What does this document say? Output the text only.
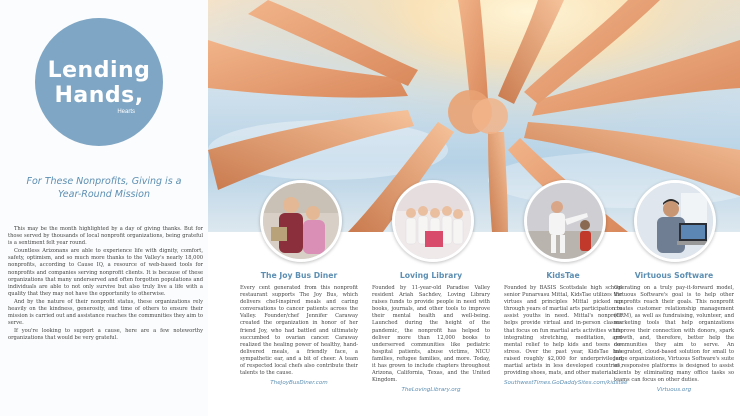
Lending
Hands,
Hearts
For These Nonprofits, Giving is a Year-Round Mission

This may be the month highlighted by a day of giving thanks. But for those served by thousands of local nonprofit organizations, being grateful is a sentiment felt year round.

Countless Arizonans are able to experience life with dignity, comfort, safety, optimism, and so much more thanks to the Valley's nearly 18,000 nonprofits, according to Cause IQ, a resource of web-based tools for nonprofits and companies serving nonprofit clients. It is because of these organizations that many underserved and often forgotten populations and individuals are able to not only survive but also truly live a life with a quality that they may not have the opportunity to otherwise.

And by the nature of their nonprofit status, these organizations rely heavily on the kindness, generosity, and time of others to ensure their mission is carried out and assistance reaches the communities they aim to serve.

If you're looking to support a cause, here are a few noteworthy organizations that would be very grateful.

The Joy Bus Diner
Every cent generated from this nonprofit restaurant supports The Joy Bus, which delivers chef-inspired meals and caring conversations to cancer patients across the Valley. Founder/chef Jennifer Caraway created the organization in honor of her friend Joy, who had battled and ultimately succumbed to ovarian cancer. Caraway realized the healing power of healthy, hand-delivered meals, a friendly face, a sympathetic ear, and a bit of cheer. A team of respected local chefs also contribute their talents to the cause.
TheJoyBusDiner.com
Loving Library
Founded by 11-year-old Paradise Valley resident Ariah Sachdev, Loving Library raises funds to provide people in need with books, journals, and other tools to improve their mental health and well-being. Launched during the height of the pandemic, the nonprofit has helped to deliver more than 12,000 books to underserved communities like pediatric hospital patients, abuse victims, NICU families, refugee families, and more. Today, it has grown to include chapters throughout Arizona, California, Texas, and the United Kingdom.
TheLovingLibrary.org
KidsTae
Founded by BASIS Scottsdale high school senior Punarvasu Mittal, KidsTae utilizes the virtues and principles Mittal picked up through years of martial arts participation to assist youths in need. Mittal's nonprofit helps provide virtual and in-person classes that focus on fun martial arts activities while integrating stretching, meditation, and mental relief to help kids and teens de-stress. Over the past year, KidsTae has raised roughly $2,000 for underprivileged martial artists in less developed countries, providing shoes, mats, and other materials.
SouthwestTimes.GoDaddySites.com/kidstae
Virtuous Software
Operating on a truly pay-it-forward model, Virtuous Software's goal is to help other nonprofits reach their goals. This nonprofit creates customer relationship management (CRM), as well as fundraising, volunteer, and marketing tools that help organizations improve their connection with donors, spark growth, and, therefore, better help the communities they aim to serve. An integrated, cloud-based solution for small to large organizations, Virtuous Software's suite of responsive platforms is designed to assist clients by eliminating many office tasks so teams can focus on other duties.
Virtuous.org
